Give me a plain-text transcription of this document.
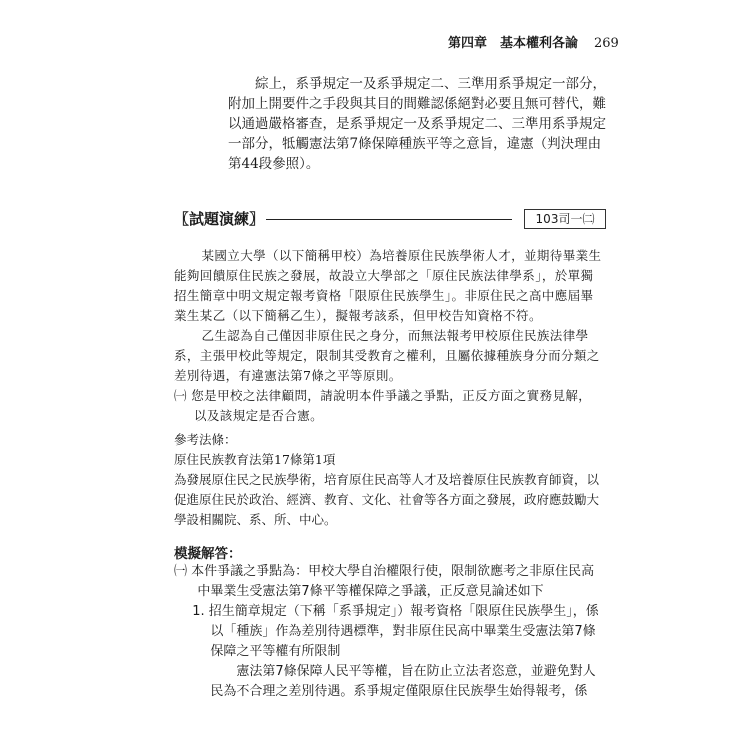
第四章　基本權利各論 269

綜上，系爭規定一及系爭規定二、三準用系爭規定一部分，附加上開要件之手段與其目的間難認係絕對必要且無可替代，難以通過嚴格審查，是系爭規定一及系爭規定二、三準用系爭規定一部分，牴觸憲法第7條保障種族平等之意旨，違憲（判決理由第44段參照）。

〖試題演練〗	103司一㈡

某國立大學（以下簡稱甲校）為培養原住民族學術人才，並期待畢業生能夠回饋原住民族之發展，故設立大學部之「原住民族法律學系」，於單獨招生簡章中明文規定報考資格「限原住民族學生」。非原住民之高中應屆畢業生某乙（以下簡稱乙生），擬報考該系，但甲校告知資格不符。

乙生認為自己僅因非原住民之身分，而無法報考甲校原住民族法律學系，主張甲校此等規定，限制其受教育之權利，且屬依據種族身分而分類之差別待遇，有違憲法第7條之平等原則。

㈠ 您是甲校之法律顧問，請說明本件爭議之爭點，正反方面之實務見解，以及該規定是否合憲。

參考法條：

原住民族教育法第17條第1項

為發展原住民之民族學術，培育原住民高等人才及培養原住民族教育師資，以促進原住民於政治、經濟、教育、文化、社會等各方面之發展，政府應鼓勵大學設相關院、系、所、中心。

模擬解答：

㈠ 本件爭議之爭點為：甲校大學自治權限行使，限制欲應考之非原住民高中畢業生受憲法第7條平等權保障之爭議，正反意見論述如下

1. 招生簡章規定（下稱「系爭規定」）報考資格「限原住民族學生」，係以「種族」作為差別待遇標準，對非原住民高中畢業生受憲法第7條保障之平等權有所限制

憲法第7條保障人民平等權，旨在防止立法者恣意，並避免對人民為不合理之差別待遇。系爭規定僅限原住民族學生始得報考，係
